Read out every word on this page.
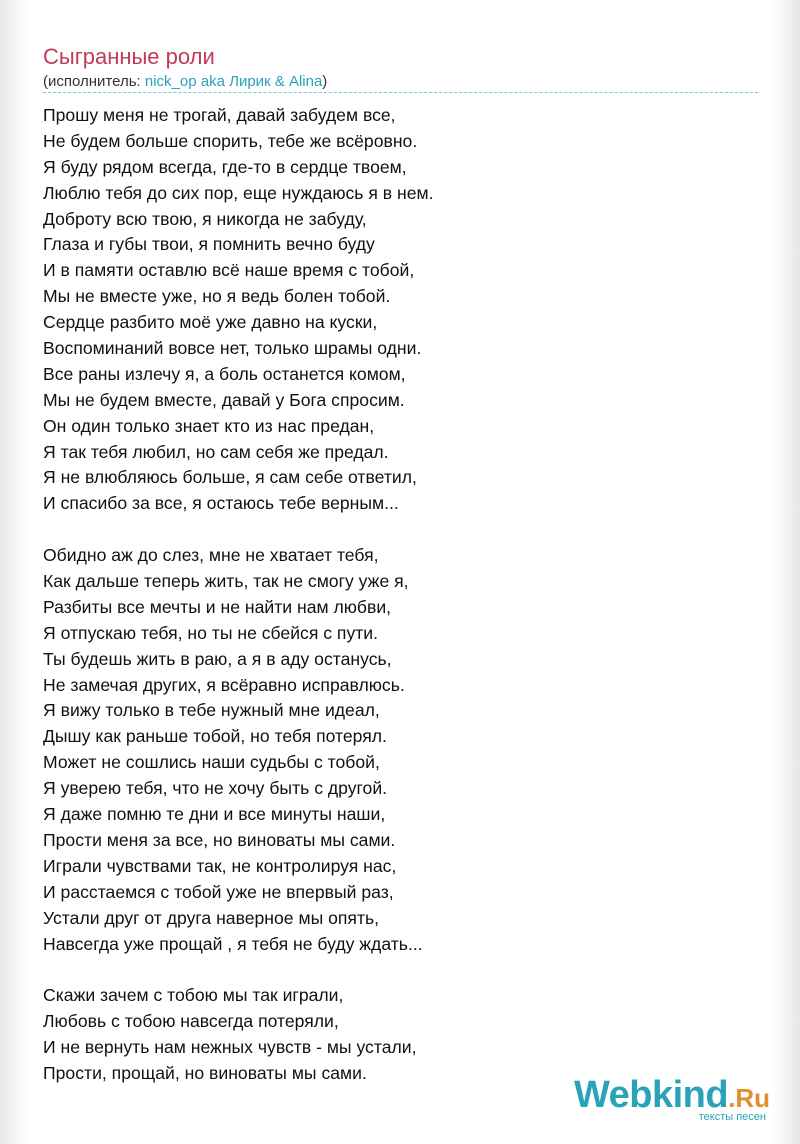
Сыгранные роли
(исполнитель: nick_op aka Лирик & Alina)
Прошу меня не трогай, давай забудем все,
Не будем больше спорить, тебе же всёровно.
Я буду рядом всегда, где-то в сердце твоем,
Люблю тебя до сих пор, еще нуждаюсь я в нем.
Доброту всю твою, я никогда не забуду,
Глаза и губы твои, я помнить вечно буду
И в памяти оставлю всё наше время с тобой,
Мы не вместе уже, но я ведь болен тобой.
Сердце разбито моё уже давно на куски,
Воспоминаний вовсе нет, только шрамы одни.
Все раны излечу я, а боль останется комом,
Мы не будем вместе, давай у Бога спросим.
Он один только знает кто из нас предан,
Я так тебя любил, но сам себя же предал.
Я не влюбляюсь больше, я сам себе ответил,
И спасибо за все, я остаюсь тебе верным...
Обидно аж до слез, мне не хватает тебя,
Как дальше теперь жить, так не смогу уже я,
Разбиты все мечты и не найти нам любви,
Я отпускаю тебя, но ты не сбейся с пути.
Ты будешь жить в раю, а я в аду останусь,
Не замечая других, я всёравно исправлюсь.
Я вижу только в тебе нужный мне идеал,
Дышу как раньше тобой, но тебя потерял.
Может не сошлись наши судьбы с тобой,
Я уверею тебя, что не хочу быть с другой.
Я даже помню те дни и все минуты наши,
Прости меня за все, но виноваты мы сами.
Играли чувствами так, не контролируя нас,
И расстаемся с тобой уже не впервый раз,
Устали друг от друга наверное мы опять,
Навсегда уже прощай , я тебя не буду ждать...
Скажи зачем с тобою мы так играли,
Любовь с тобою навсегда потеряли,
И не вернуть нам нежных чувств - мы устали,
Прости, прощай, но виноваты мы сами.
Webkind.Ru
тексты песен
